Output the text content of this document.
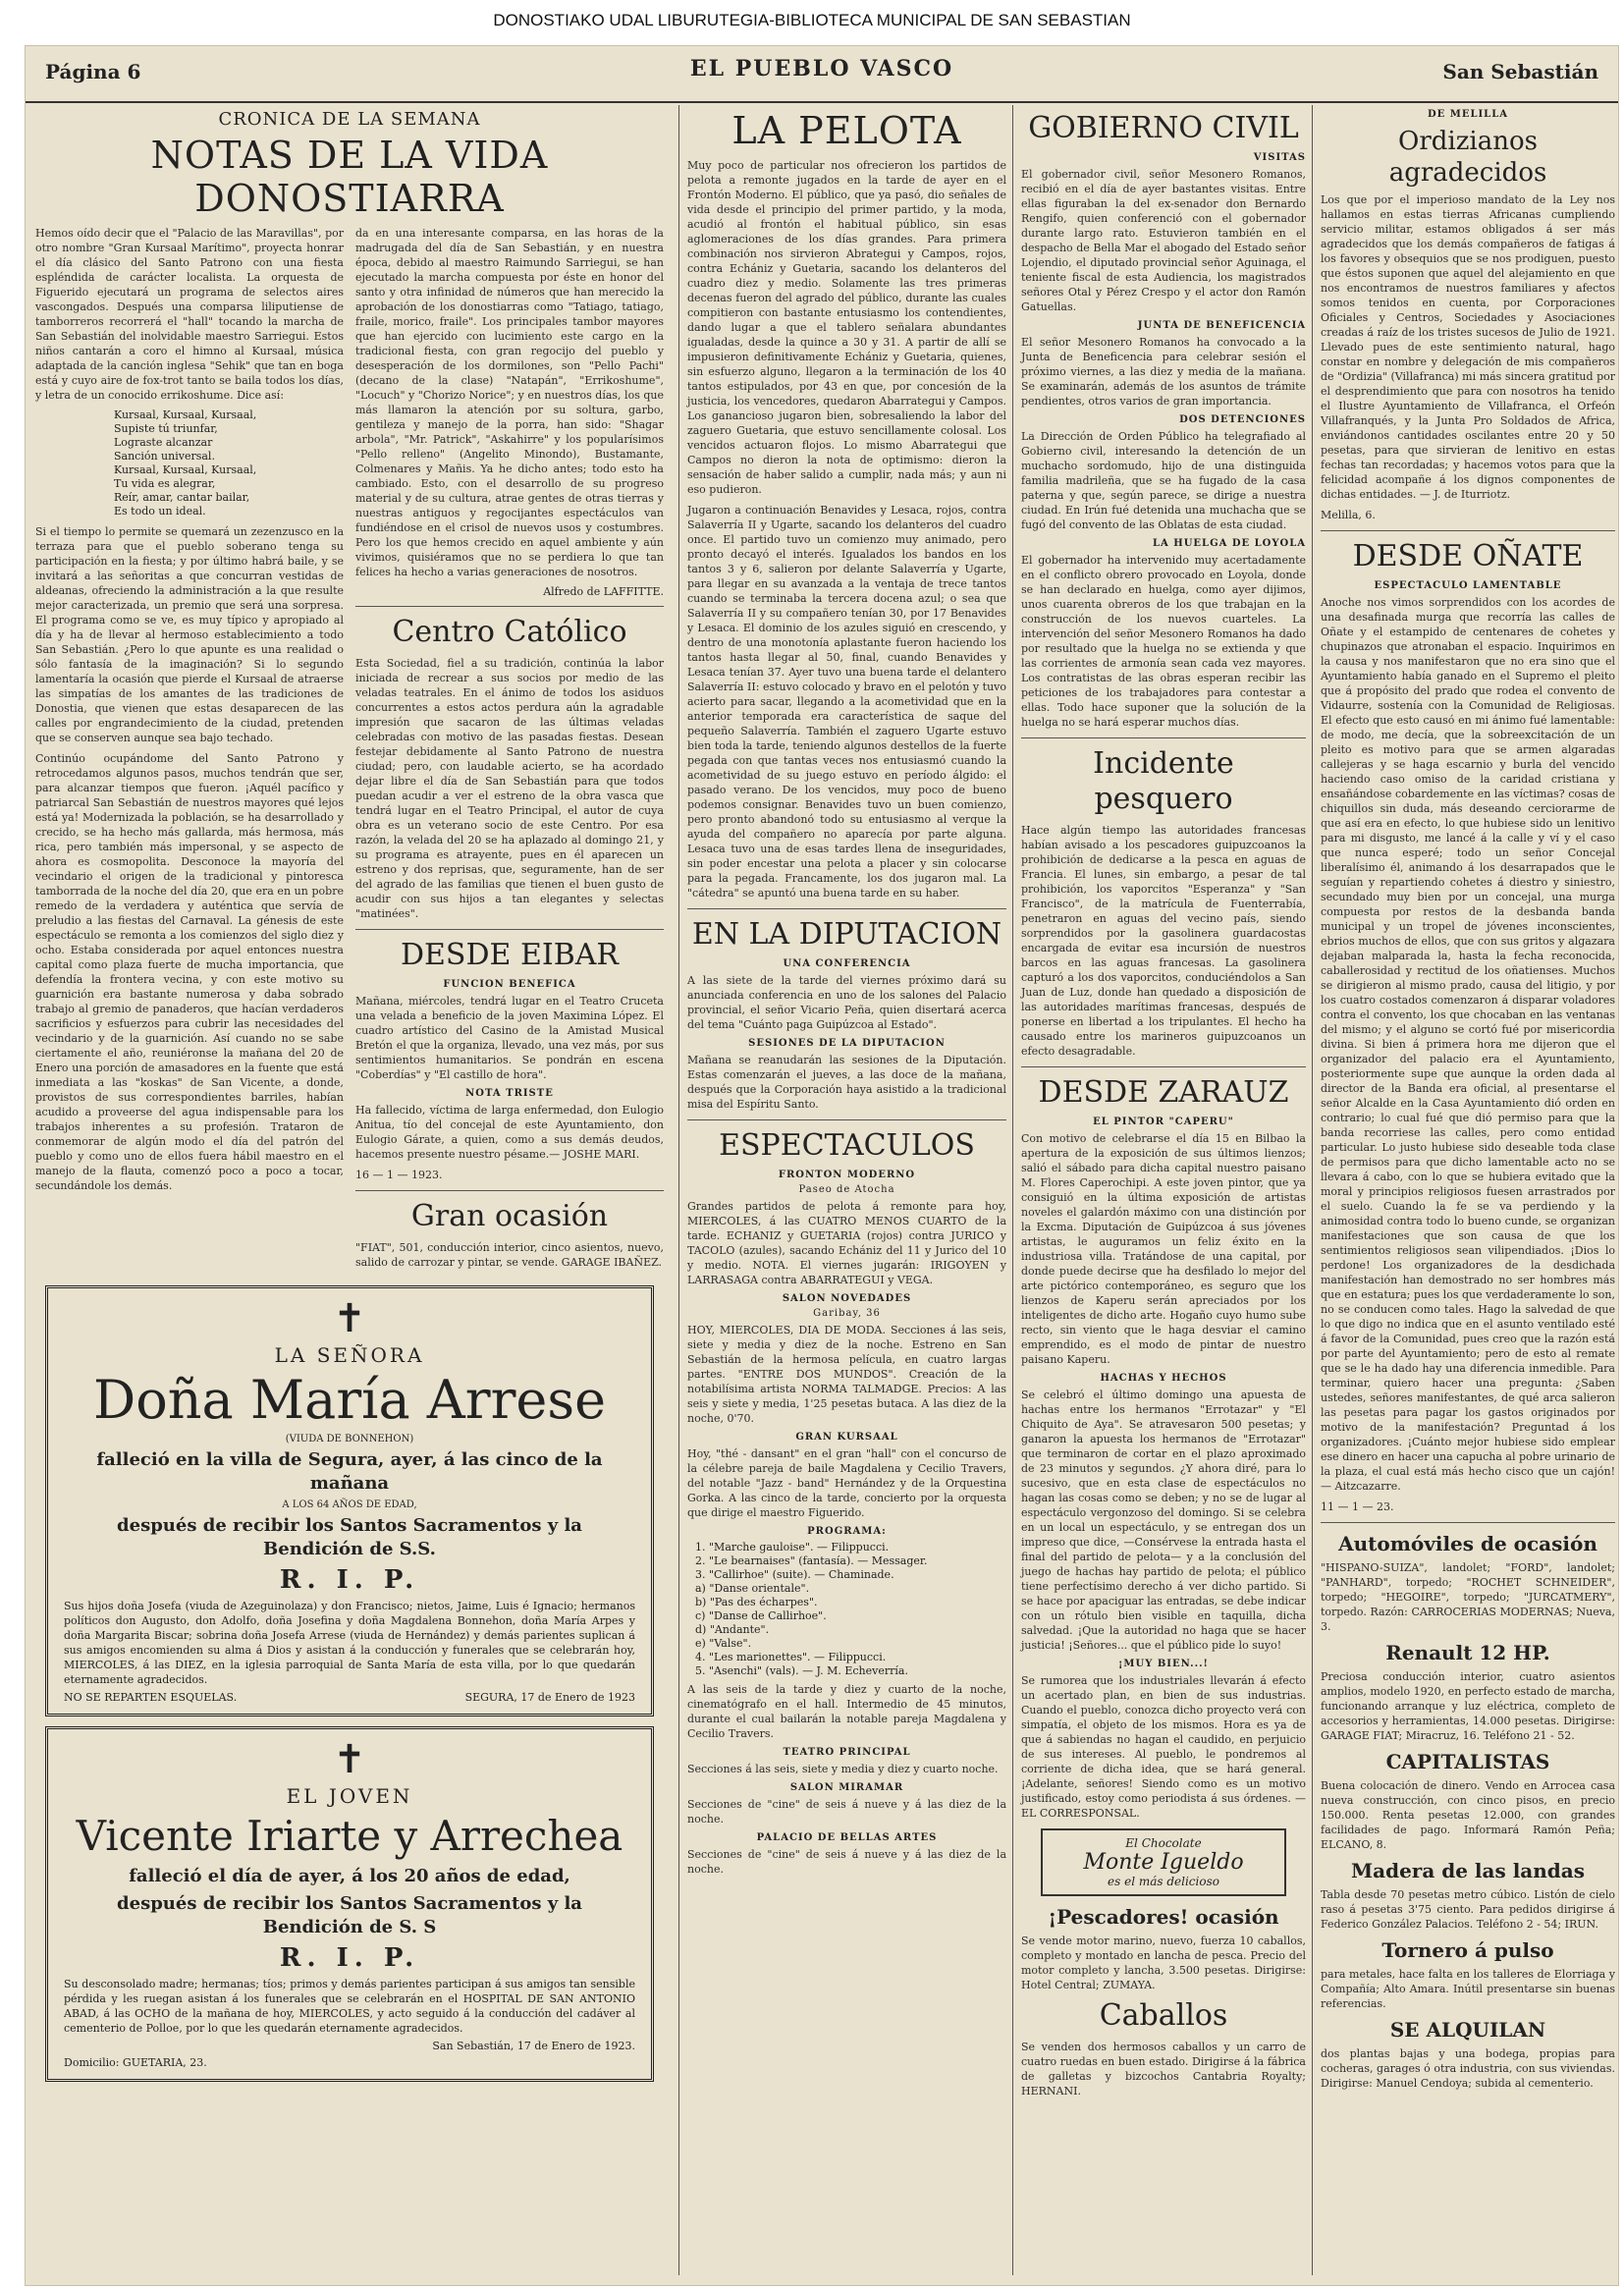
DONOSTIAKO UDAL LIBURUTEGIA-BIBLIOTECA MUNICIPAL DE SAN SEBASTIAN
Página 6	EL PUEBLO VASCO	San Sebastián
CRONICA DE LA SEMANA
NOTAS DE LA VIDA DONOSTIARRA

Hemos oído decir que el "Palacio de las Maravillas", por otro nombre "Gran Kursaal Marítimo", proyecta honrar el día clásico del Santo Patrono con una fiesta espléndida de carácter localista. La orquesta de Figuerido ejecutará un programa de selectos aires vascongados. Después una comparsa liliputiense de tamborreros recorrerá el "hall" tocando la marcha de San Sebastián del inolvidable maestro Sarriegui. Estos niños cantarán a coro el himno al Kursaal, música adaptada de la canción inglesa "Sehik" que tan en boga está y cuyo aire de fox-trot tanto se baila todos los días, y letra de un conocido errikoshume. Dice así:

Kursaal, Kursaal, Kursaal,
Supiste tú triunfar,
Lograste alcanzar
Sanción universal.
Kursaal, Kursaal, Kursaal,
Tu vida es alegrar,
Reír, amar, cantar bailar,
Es todo un ideal.

Si el tiempo lo permite se quemará un zezenzusco en la terraza para que el pueblo soberano tenga su participación en la fiesta; y por último habrá baile, y se invitará a las señoritas a que concurran vestidas de aldeanas, ofreciendo la administración a la que resulte mejor caracterizada, un premio que será una sorpresa. El programa como se ve, es muy típico y apropiado al día y ha de llevar al hermoso establecimiento a todo San Sebastián. ¿Pero lo que apunte es una realidad o sólo fantasía de la imaginación? Si lo segundo lamentaría la ocasión que pierde el Kursaal de atraerse las simpatías de los amantes de las tradiciones de Donostia, que vienen que estas desaparecen de las calles por engrandecimiento de la ciudad, pretenden que se conserven aunque sea bajo techado.

Continúo ocupándome del Santo Patrono y retrocedamos algunos pasos, muchos tendrán que ser, para alcanzar tiempos que fueron. ¡Aquél pacífico y patriarcal San Sebastián de nuestros mayores qué lejos está ya! Modernizada la población, se ha desarrollado y crecido, se ha hecho más gallarda, más hermosa, más rica, pero también más impersonal, y se aspecto de ahora es cosmopolita. Desconoce la mayoría del vecindario el origen de la tradicional y pintoresca tamborrada de la noche del día 20, que era en un pobre remedo de la verdadera y auténtica que servía de preludio a las fiestas del Carnaval. La génesis de este espectáculo se remonta a los comienzos del siglo diez y ocho. Estaba considerada por aquel entonces nuestra capital como plaza fuerte de mucha importancia, que defendía la frontera vecina, y con este motivo su guarnición era bastante numerosa y daba sobrado trabajo al gremio de panaderos, que hacían verdaderos sacrificios y esfuerzos para cubrir las necesidades del vecindario y de la guarnición. Así cuando no se sabe ciertamente el año, reuniéronse la mañana del 20 de Enero una porción de amasadores en la fuente que está inmediata a las "koskas" de San Vicente, a donde, provistos de sus correspondientes barriles, habían acudido a proveerse del agua indispensable para los trabajos inherentes a su profesión. Trataron de conmemorar de algún modo el día del patrón del pueblo y como uno de ellos fuera hábil maestro en el manejo de la flauta, comenzó poco a poco a tocar, secundándole los demás.

da en una interesante comparsa, en las horas de la madrugada del día de San Sebastián, y en nuestra época, debido al maestro Raimundo Sarriegui, se han ejecutado la marcha compuesta por éste en honor del santo y otra infinidad de números que han merecido la aprobación de los donostiarras como "Tatiago, tatiago, fraile, morico, fraile". Los principales tambor mayores que han ejercido con lucimiento este cargo en la tradicional fiesta, con gran regocijo del pueblo y desesperación de los dormilones, son "Pello Pachi" (decano de la clase) "Natapán", "Errikoshume", "Locuch" y "Chorizo Norice"; y en nuestros días, los que más llamaron la atención por su soltura, garbo, gentileza y manejo de la porra, han sido: "Shagar arbola", "Mr. Patrick", "Askahirre" y los popularísimos "Pello relleno" (Angelito Minondo), Bustamante, Colmenares y Mañis. Ya he dicho antes; todo esto ha cambiado. Esto, con el desarrollo de su progreso material y de su cultura, atrae gentes de otras tierras y nuestras antiguos y regocijantes espectáculos van fundiéndose en el crisol de nuevos usos y costumbres. Pero los que hemos crecido en aquel ambiente y aún vivimos, quisiéramos que no se perdiera lo que tan felices ha hecho a varias generaciones de nosotros.

Alfredo de LAFFITTE.
Centro Católico

Esta Sociedad, fiel a su tradición, continúa la labor iniciada de recrear a sus socios por medio de las veladas teatrales. En el ánimo de todos los asiduos concurrentes a estos actos perdura aún la agradable impresión que sacaron de las últimas veladas celebradas con motivo de las pasadas fiestas. Desean festejar debidamente al Santo Patrono de nuestra ciudad; pero, con laudable acierto, se ha acordado dejar libre el día de San Sebastián para que todos puedan acudir a ver el estreno de la obra vasca que tendrá lugar en el Teatro Principal, el autor de cuya obra es un veterano socio de este Centro. Por esa razón, la velada del 20 se ha aplazado al domingo 21, y su programa es atrayente, pues en él aparecen un estreno y dos reprisas, que, seguramente, han de ser del agrado de las familias que tienen el buen gusto de acudir con sus hijos a tan elegantes y selectas "matinées".

DESDE EIBAR
FUNCION BENEFICA

Mañana, miércoles, tendrá lugar en el Teatro Cruceta una velada a beneficio de la joven Maximina López. El cuadro artístico del Casino de la Amistad Musical Bretón el que la organiza, llevado, una vez más, por sus sentimientos humanitarios. Se pondrán en escena "Coberdías" y "El castillo de hora".

NOTA TRISTE

Ha fallecido, víctima de larga enfermedad, don Eulogio Anitua, tío del concejal de este Ayuntamiento, don Eulogio Gárate, a quien, como a sus demás deudos, hacemos presente nuestro pésame.— JOSHE MARI.

16 — 1 — 1923.
Gran ocasión

"FIAT", 501, conducción interior, cinco asientos, nuevo, salido de carrozar y pintar, se vende. GARAGE IBAÑEZ.

✝
LA SEÑORA
Doña María Arrese
(VIUDA DE BONNEHON)
falleció en la villa de Segura, ayer, á las cinco de la mañana
A LOS 64 AÑOS DE EDAD,
después de recibir los Santos Sacramentos y la Bendición de S.S.
R. I. P.
Sus hijos doña Josefa (viuda de Azeguinolaza) y don Francisco; nietos, Jaime, Luis é Ignacio; hermanos políticos don Augusto, don Adolfo, doña Josefina y doña Magdalena Bonnehon, doña María Arpes y doña Margarita Biscar; sobrina doña Josefa Arrese (viuda de Hernández) y demás parientes suplican á sus amigos encomienden su alma á Dios y asistan á la conducción y funerales que se celebrarán hoy, MIERCOLES, á las DIEZ, en la iglesia parroquial de Santa María de esta villa, por lo que quedarán eternamente agradecidos.
NO SE REPARTEN ESQUELAS.	SEGURA, 17 de Enero de 1923
✝
EL JOVEN
Vicente Iriarte y Arrechea
falleció el día de ayer, á los 20 años de edad,
después de recibir los Santos Sacramentos y la Bendición de S. S
R. I. P.
Su desconsolado madre; hermanas; tíos; primos y demás parientes participan á sus amigos tan sensible pérdida y les ruegan asistan á los funerales que se celebrarán en el HOSPITAL DE SAN ANTONIO ABAD, á las OCHO de la mañana de hoy, MIERCOLES, y acto seguido á la conducción del cadáver al cementerio de Polloe, por lo que les quedarán eternamente agradecidos.
San Sebastián, 17 de Enero de 1923.
Domicilio: GUETARIA, 23.
LA PELOTA

Muy poco de particular nos ofrecieron los partidos de pelota a remonte jugados en la tarde de ayer en el Frontón Moderno. El público, que ya pasó, dio señales de vida desde el principio del primer partido, y la moda, acudió al frontón el habitual público, sin esas aglomeraciones de los días grandes. Para primera combinación nos sirvieron Abrategui y Campos, rojos, contra Echániz y Guetaria, sacando los delanteros del cuadro diez y medio. Solamente las tres primeras decenas fueron del agrado del público, durante las cuales compitieron con bastante entusiasmo los contendientes, dando lugar a que el tablero señalara abundantes igualadas, desde la quince a 30 y 31. A partir de allí se impusieron definitivamente Echániz y Guetaria, quienes, sin esfuerzo alguno, llegaron a la terminación de los 40 tantos estipulados, por 43 en que, por concesión de la justicia, los vencedores, quedaron Abarrategui y Campos. Los ganancioso jugaron bien, sobresaliendo la labor del zaguero Guetaria, que estuvo sencillamente colosal. Los vencidos actuaron flojos. Lo mismo Abarrategui que Campos no dieron la nota de optimismo: dieron la sensación de haber salido a cumplir, nada más; y aun ni eso pudieron.

Jugaron a continuación Benavides y Lesaca, rojos, contra Salaverría II y Ugarte, sacando los delanteros del cuadro once. El partido tuvo un comienzo muy animado, pero pronto decayó el interés. Igualados los bandos en los tantos 3 y 6, salieron por delante Salaverría y Ugarte, para llegar en su avanzada a la ventaja de trece tantos cuando se terminaba la tercera docena azul; o sea que Salaverría II y su compañero tenían 30, por 17 Benavides y Lesaca. El dominio de los azules siguió en crescendo, y dentro de una monotonía aplastante fueron haciendo los tantos hasta llegar al 50, final, cuando Benavides y Lesaca tenían 37. Ayer tuvo una buena tarde el delantero Salaverría II: estuvo colocado y bravo en el pelotón y tuvo acierto para sacar, llegando a la acometividad que en la anterior temporada era característica de saque del pequeño Salaverría. También el zaguero Ugarte estuvo bien toda la tarde, teniendo algunos destellos de la fuerte pegada con que tantas veces nos entusiasmó cuando la acometividad de su juego estuvo en período álgido: el pasado verano. De los vencidos, muy poco de bueno podemos consignar. Benavides tuvo un buen comienzo, pero pronto abandonó todo su entusiasmo al verque la ayuda del compañero no aparecía por parte alguna. Lesaca tuvo una de esas tardes llena de inseguridades, sin poder encestar una pelota a placer y sin colocarse para la pegada. Francamente, los dos jugaron mal. La "cátedra" se apuntó una buena tarde en su haber.

EN LA DIPUTACION
UNA CONFERENCIA

A las siete de la tarde del viernes próximo dará su anunciada conferencia en uno de los salones del Palacio provincial, el señor Vicario Peña, quien disertará acerca del tema "Cuánto paga Guipúzcoa al Estado".

SESIONES DE LA DIPUTACION

Mañana se reanudarán las sesiones de la Diputación. Estas comenzarán el jueves, a las doce de la mañana, después que la Corporación haya asistido a la tradicional misa del Espíritu Santo.

ESPECTACULOS
FRONTON MODERNO
Paseo de Atocha

Grandes partidos de pelota á remonte para hoy, MIERCOLES, á las CUATRO MENOS CUARTO de la tarde. ECHANIZ y GUETARIA (rojos) contra JURICO y TACOLO (azules), sacando Echániz del 11 y Jurico del 10 y medio. NOTA. El viernes jugarán: IRIGOYEN y LARRASAGA contra ABARRATEGUI y VEGA.

SALON NOVEDADES
Garibay, 36

HOY, MIERCOLES, DIA DE MODA. Secciones á las seis, siete y media y diez de la noche. Estreno en San Sebastián de la hermosa película, en cuatro largas partes. "ENTRE DOS MUNDOS". Creación de la notabilísima artista NORMA TALMADGE. Precios: A las seis y siete y media, 1'25 pesetas butaca. A las diez de la noche, 0'70.

GRAN KURSAAL

Hoy, "thé - dansant" en el gran "hall" con el concurso de la célebre pareja de baile Magdalena y Cecilio Travers, del notable "Jazz - band" Hernández y de la Orquestina Gorka. A las cinco de la tarde, concierto por la orquesta que dirige el maestro Figuerido.

PROGRAMA:
1. "Marche gauloise". — Filippucci.
2. "Le bearnaises" (fantasía). — Messager.
3. "Callirhoe" (suite). — Chaminade.
a) "Danse orientale".
b) "Pas des écharpes".
c) "Danse de Callirhoe".
d) "Andante".
e) "Valse".
4. "Les marionettes". — Filippucci.
5. "Asenchi" (vals). — J. M. Echeverría.

A las seis de la tarde y diez y cuarto de la noche, cinematógrafo en el hall. Intermedio de 45 minutos, durante el cual bailarán la notable pareja Magdalena y Cecilio Travers.

TEATRO PRINCIPAL

Secciones á las seis, siete y media y diez y cuarto noche.

SALON MIRAMAR

Secciones de "cine" de seis á nueve y á las diez de la noche.

PALACIO DE BELLAS ARTES

Secciones de "cine" de seis á nueve y á las diez de la noche.

GOBIERNO CIVIL
VISITAS

El gobernador civil, señor Mesonero Romanos, recibió en el día de ayer bastantes visitas. Entre ellas figuraban la del ex-senador don Bernardo Rengifo, quien conferenció con el gobernador durante largo rato. Estuvieron también en el despacho de Bella Mar el abogado del Estado señor Lojendio, el diputado provincial señor Aguinaga, el teniente fiscal de esta Audiencia, los magistrados señores Otal y Pérez Crespo y el actor don Ramón Gatuellas.

JUNTA DE BENEFICENCIA

El señor Mesonero Romanos ha convocado a la Junta de Beneficencia para celebrar sesión el próximo viernes, a las diez y media de la mañana. Se examinarán, además de los asuntos de trámite pendientes, otros varios de gran importancia.

DOS DETENCIONES

La Dirección de Orden Público ha telegrafiado al Gobierno civil, interesando la detención de un muchacho sordomudo, hijo de una distinguida familia madrileña, que se ha fugado de la casa paterna y que, según parece, se dirige a nuestra ciudad. En Irún fué detenida una muchacha que se fugó del convento de las Oblatas de esta ciudad.

LA HUELGA DE LOYOLA

El gobernador ha intervenido muy acertadamente en el conflicto obrero provocado en Loyola, donde se han declarado en huelga, como ayer dijimos, unos cuarenta obreros de los que trabajan en la construcción de los nuevos cuarteles. La intervención del señor Mesonero Romanos ha dado por resultado que la huelga no se extienda y que las corrientes de armonía sean cada vez mayores. Los contratistas de las obras esperan recibir las peticiones de los trabajadores para contestar a ellas. Todo hace suponer que la solución de la huelga no se hará esperar muchos días.

Incidente pesquero

Hace algún tiempo las autoridades francesas habían avisado a los pescadores guipuzcoanos la prohibición de dedicarse a la pesca en aguas de Francia. El lunes, sin embargo, a pesar de tal prohibición, los vaporcitos "Esperanza" y "San Francisco", de la matrícula de Fuenterrabía, penetraron en aguas del vecino país, siendo sorprendidos por la gasolinera guardacostas encargada de evitar esa incursión de nuestros barcos en las aguas francesas. La gasolinera capturó a los dos vaporcitos, conduciéndolos a San Juan de Luz, donde han quedado a disposición de las autoridades marítimas francesas, después de ponerse en libertad a los tripulantes. El hecho ha causado entre los marineros guipuzcoanos un efecto desagradable.

DESDE ZARAUZ
EL PINTOR "CAPERU"

Con motivo de celebrarse el día 15 en Bilbao la apertura de la exposición de sus últimos lienzos; salió el sábado para dicha capital nuestro paisano M. Flores Caperochipi. A este joven pintor, que ya consiguió en la última exposición de artistas noveles el galardón máximo con una distinción por la Excma. Diputación de Guipúzcoa á sus jóvenes artistas, le auguramos un feliz éxito en la industriosa villa. Tratándose de una capital, por donde puede decirse que ha desfilado lo mejor del arte pictórico contemporáneo, es seguro que los lienzos de Kaperu serán apreciados por los inteligentes de dicho arte. Hogaño cuyo humo sube recto, sin viento que le haga desviar el camino emprendido, es el modo de pintar de nuestro paisano Kaperu.

HACHAS Y HECHOS

Se celebró el último domingo una apuesta de hachas entre los hermanos "Errotazar" y "El Chiquito de Aya". Se atravesaron 500 pesetas; y ganaron la apuesta los hermanos de "Errotazar" que terminaron de cortar en el plazo aproximado de 23 minutos y segundos. ¿Y ahora diré, para lo sucesivo, que en esta clase de espectáculos no hagan las cosas como se deben; y no se de lugar al espectáculo vergonzoso del domingo. Si se celebra en un local un espectáculo, y se entregan dos un impreso que dice, —Consérvese la entrada hasta el final del partido de pelota— y a la conclusión del juego de hachas hay partido de pelota; el público tiene perfectísimo derecho á ver dicho partido. Si se hace por apaciguar las entradas, se debe indicar con un rótulo bien visible en taquilla, dicha salvedad. ¡Que la autoridad no haga que se hacer justicia! ¡Señores... que el público pide lo suyo!

¡MUY BIEN...!

Se rumorea que los industriales llevarán á efecto un acertado plan, en bien de sus industrias. Cuando el pueblo, conozca dicho proyecto verá con simpatía, el objeto de los mismos. Hora es ya de que á sabiendas no hagan el caudido, en perjuicio de sus intereses. Al pueblo, le pondremos al corriente de dicha idea, que se hará general. ¡Adelante, señores! Siendo como es un motivo justificado, estoy como periodista á sus órdenes. — EL CORRESPONSAL.

El Chocolate
Monte Igueldo
es el más delicioso
¡Pescadores! ocasión

Se vende motor marino, nuevo, fuerza 10 caballos, completo y montado en lancha de pesca. Precio del motor completo y lancha, 3.500 pesetas. Dirigirse: Hotel Central; ZUMAYA.

Caballos

Se venden dos hermosos caballos y un carro de cuatro ruedas en buen estado. Dirigirse á la fábrica de galletas y bizcochos Cantabria Royalty; HERNANI.

DE MELILLA
Ordizianos agradecidos

Los que por el imperioso mandato de la Ley nos hallamos en estas tierras Africanas cumpliendo servicio militar, estamos obligados á ser más agradecidos que los demás compañeros de fatigas á los favores y obsequios que se nos prodiguen, puesto que éstos suponen que aquel del alejamiento en que nos encontramos de nuestros familiares y afectos somos tenidos en cuenta, por Corporaciones Oficiales y Centros, Sociedades y Asociaciones creadas á raíz de los tristes sucesos de Julio de 1921. Llevado pues de este sentimiento natural, hago constar en nombre y delegación de mis compañeros de "Ordizia" (Villafranca) mi más sincera gratitud por el desprendimiento que para con nosotros ha tenido el Ilustre Ayuntamiento de Villafranca, el Orfeón Villafranqués, y la Junta Pro Soldados de Africa, enviándonos cantidades oscilantes entre 20 y 50 pesetas, para que sirvieran de lenitivo en estas fechas tan recordadas; y hacemos votos para que la felicidad acompañe á los dignos componentes de dichas entidades. — J. de Iturriotz.

Melilla, 6.
DESDE OÑATE
ESPECTACULO LAMENTABLE

Anoche nos vimos sorprendidos con los acordes de una desafinada murga que recorría las calles de Oñate y el estampido de centenares de cohetes y chupinazos que atronaban el espacio. Inquirimos en la causa y nos manifestaron que no era sino que el Ayuntamiento había ganado en el Supremo el pleito que á propósito del prado que rodea el convento de Vidaurre, sostenía con la Comunidad de Religiosas. El efecto que esto causó en mi ánimo fué lamentable: de modo, me decía, que la sobreexcitación de un pleito es motivo para que se armen algaradas callejeras y se haga escarnio y burla del vencido haciendo caso omiso de la caridad cristiana y ensañándose cobardemente en las víctimas? cosas de chiquillos sin duda, más deseando cerciorarme de que así era en efecto, lo que hubiese sido un lenitivo para mi disgusto, me lancé á la calle y ví y el caso que nunca esperé; todo un señor Concejal liberalísimo él, animando á los desarrapados que le seguían y repartiendo cohetes á diestro y siniestro, secundado muy bien por un concejal, una murga compuesta por restos de la desbanda banda municipal y un tropel de jóvenes inconscientes, ebrios muchos de ellos, que con sus gritos y algazara dejaban malparada la, hasta la fecha reconocida, caballerosidad y rectitud de los oñatienses. Muchos se dirigieron al mismo prado, causa del litigio, y por los cuatro costados comenzaron á disparar voladores contra el convento, los que chocaban en las ventanas del mismo; y el alguno se cortó fué por misericordia divina. Si bien á primera hora me dijeron que el organizador del palacio era el Ayuntamiento, posteriormente supe que aunque la orden dada al director de la Banda era oficial, al presentarse el señor Alcalde en la Casa Ayuntamiento dió orden en contrario; lo cual fué que dió permiso para que la banda recorriese las calles, pero como entidad particular. Lo justo hubiese sido deseable toda clase de permisos para que dicho lamentable acto no se llevara á cabo, con lo que se hubiera evitado que la moral y principios religiosos fuesen arrastrados por el suelo. Cuando la fe se va perdiendo y la animosidad contra todo lo bueno cunde, se organizan manifestaciones que son causa de que los sentimientos religiosos sean vilipendiados. ¡Dios lo perdone! Los organizadores de la desdichada manifestación han demostrado no ser hombres más que en estatura; pues los que verdaderamente lo son, no se conducen como tales. Hago la salvedad de que lo que digo no indica que en el asunto ventilado esté á favor de la Comunidad, pues creo que la razón está por parte del Ayuntamiento; pero de esto al remate que se le ha dado hay una diferencia inmedible. Para terminar, quiero hacer una pregunta: ¿Saben ustedes, señores manifestantes, de qué arca salieron las pesetas para pagar los gastos originados por motivo de la manifestación? Preguntad á los organizadores. ¡Cuánto mejor hubiese sido emplear ese dinero en hacer una capucha al pobre urinario de la plaza, el cual está más hecho cisco que un cajón! — Aitzcazarre.

11 — 1 — 23.
Automóviles de ocasión

"HISPANO-SUIZA", landolet; "FORD", landolet; "PANHARD", torpedo; "ROCHET SCHNEIDER", torpedo; "HEGOIRE", torpedo; "JURCATMERY", torpedo. Razón: CARROCERIAS MODERNAS; Nueva, 3.

Renault 12 HP.

Preciosa conducción interior, cuatro asientos amplios, modelo 1920, en perfecto estado de marcha, funcionando arranque y luz eléctrica, completo de accesorios y herramientas, 14.000 pesetas. Dirigirse: GARAGE FIAT; Miracruz, 16. Teléfono 21 - 52.

CAPITALISTAS

Buena colocación de dinero. Vendo en Arrocea casa nueva construcción, con cinco pisos, en precio 150.000. Renta pesetas 12.000, con grandes facilidades de pago. Informará Ramón Peña; ELCANO, 8.

Madera de las landas

Tabla desde 70 pesetas metro cúbico. Listón de cielo raso á pesetas 3'75 ciento. Para pedidos dirigirse á Federico González Palacios. Teléfono 2 - 54; IRUN.

Tornero á pulso

para metales, hace falta en los talleres de Elorriaga y Compañía; Alto Amara. Inútil presentarse sin buenas referencias.

SE ALQUILAN

dos plantas bajas y una bodega, propias para cocheras, garages ó otra industria, con sus viviendas. Dirigirse: Manuel Cendoya; subida al cementerio.
